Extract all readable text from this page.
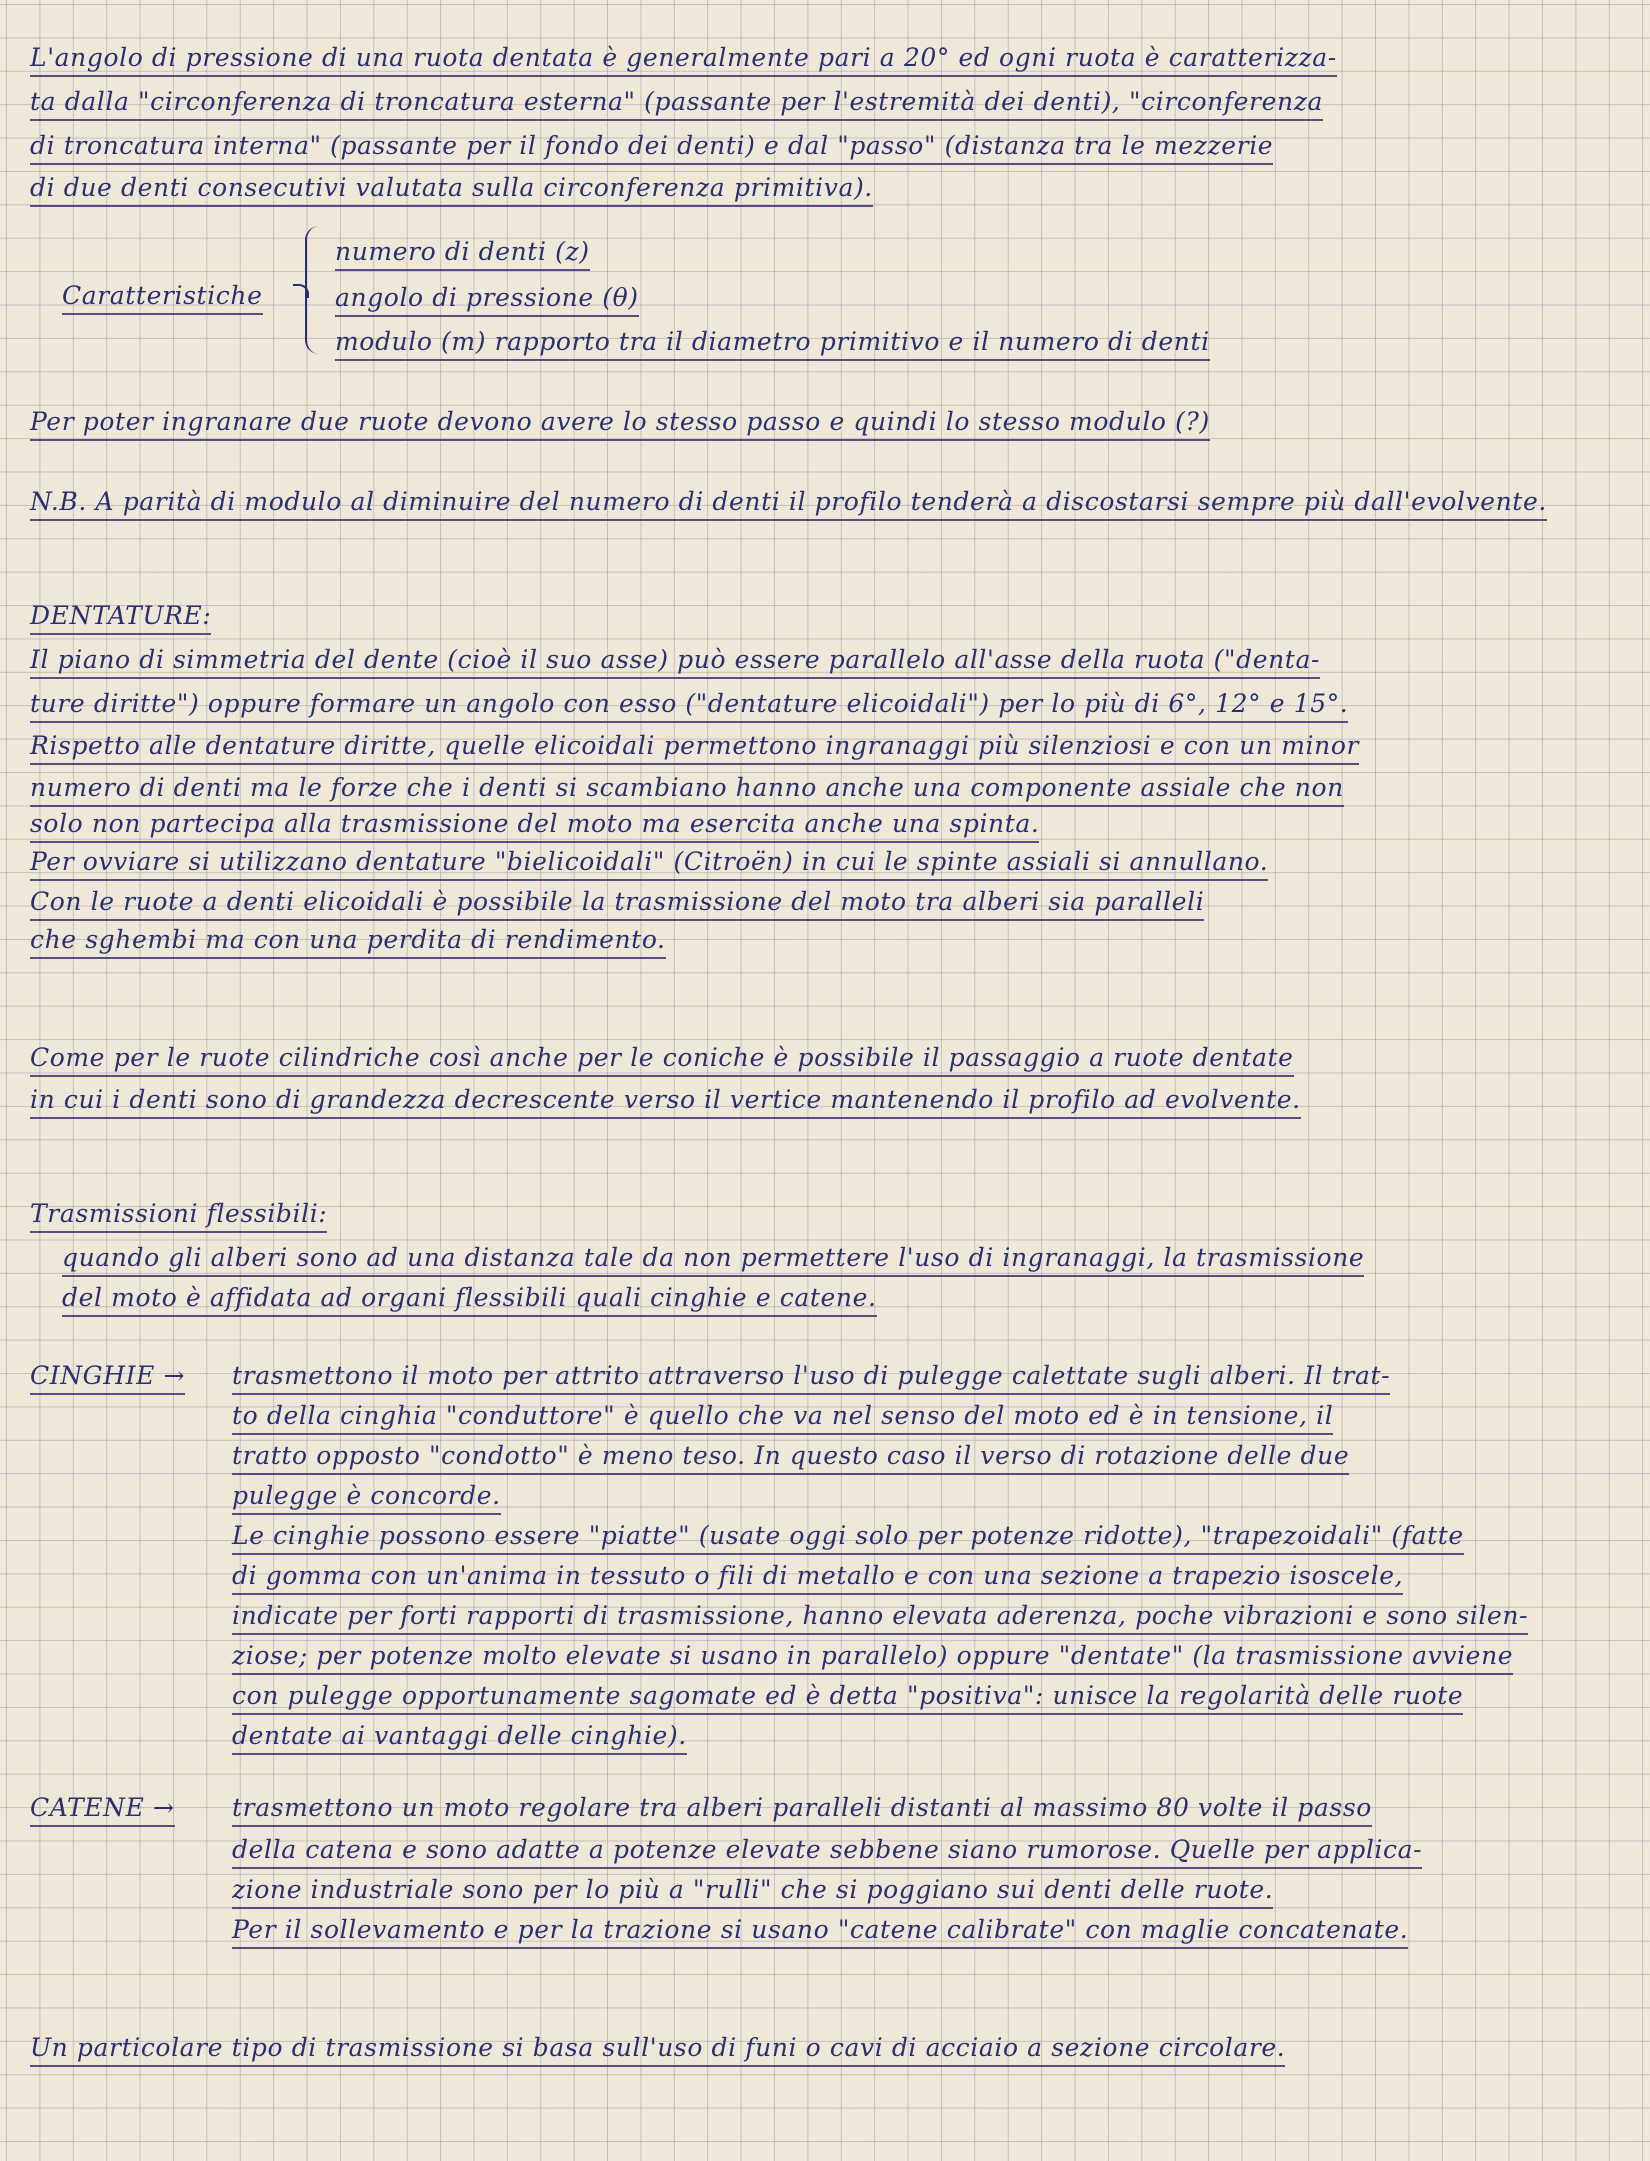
L'angolo di pressione di una ruota dentata è generalmente pari a 20° ed ogni ruota è caratterizza-
ta dalla "circonferenza di troncatura esterna" (passante per l'estremità dei denti), "circonferenza
di troncatura interna" (passante per il fondo dei denti) e dal "passo" (distanza tra le mezzerie
di due denti consecutivi valutata sulla circonferenza primitiva).
Caratteristiche
numero di denti (z)
angolo di pressione (θ)
modulo (m) rapporto tra il diametro primitivo e il numero di denti
Per poter ingranare due ruote devono avere lo stesso passo e quindi lo stesso modulo (?)
N.B. A parità di modulo al diminuire del numero di denti il profilo tenderà a discostarsi sempre più dall'evolvente.
DENTATURE:
Il piano di simmetria del dente (cioè il suo asse) può essere parallelo all'asse della ruota ("denta-
ture diritte") oppure formare un angolo con esso ("dentature elicoidali") per lo più di 6°, 12° e 15°.
Rispetto alle dentature diritte, quelle elicoidali permettono ingranaggi più silenziosi e con un minor
numero di denti ma le forze che i denti si scambiano hanno anche una componente assiale che non
solo non partecipa alla trasmissione del moto ma esercita anche una spinta.
Per ovviare si utilizzano dentature "bielicoidali" (Citroën) in cui le spinte assiali si annullano.
Con le ruote a denti elicoidali è possibile la trasmissione del moto tra alberi sia paralleli
che sghembi ma con una perdita di rendimento.
Come per le ruote cilindriche così anche per le coniche è possibile il passaggio a ruote dentate
in cui i denti sono di grandezza decrescente verso il vertice mantenendo il profilo ad evolvente.
Trasmissioni flessibili:
quando gli alberi sono ad una distanza tale da non permettere l'uso di ingranaggi, la trasmissione
del moto è affidata ad organi flessibili quali cinghie e catene.
CINGHIE → trasmettono il moto per attrito attraverso l'uso di pulegge calettate sugli alberi. Il trat-
to della cinghia "conduttore" è quello che va nel senso del moto ed è in tensione, il
tratto opposto "condotto" è meno teso. In questo caso il verso di rotazione delle due
pulegge è concorde.
Le cinghie possono essere "piatte" (usate oggi solo per potenze ridotte), "trapezoidali" (fatte
di gomma con un'anima in tessuto o fili di metallo e con una sezione a trapezio isoscele,
indicate per forti rapporti di trasmissione, hanno elevata aderenza, poche vibrazioni e sono silen-
ziose; per potenze molto elevate si usano in parallelo) oppure "dentate" (la trasmissione avviene
con pulegge opportunamente sagomate ed è detta "positiva": unisce la regolarità delle ruote
dentate ai vantaggi delle cinghie).
CATENE → trasmettono un moto regolare tra alberi paralleli distanti al massimo 80 volte il passo
della catena e sono adatte a potenze elevate sebbene siano rumorose. Quelle per applica-
zione industriale sono per lo più a "rulli" che si poggiano sui denti delle ruote.
Per il sollevamento e per la trazione si usano "catene calibrate" con maglie concatenate.
Un particolare tipo di trasmissione si basa sull'uso di funi o cavi di acciaio a sezione circolare.
